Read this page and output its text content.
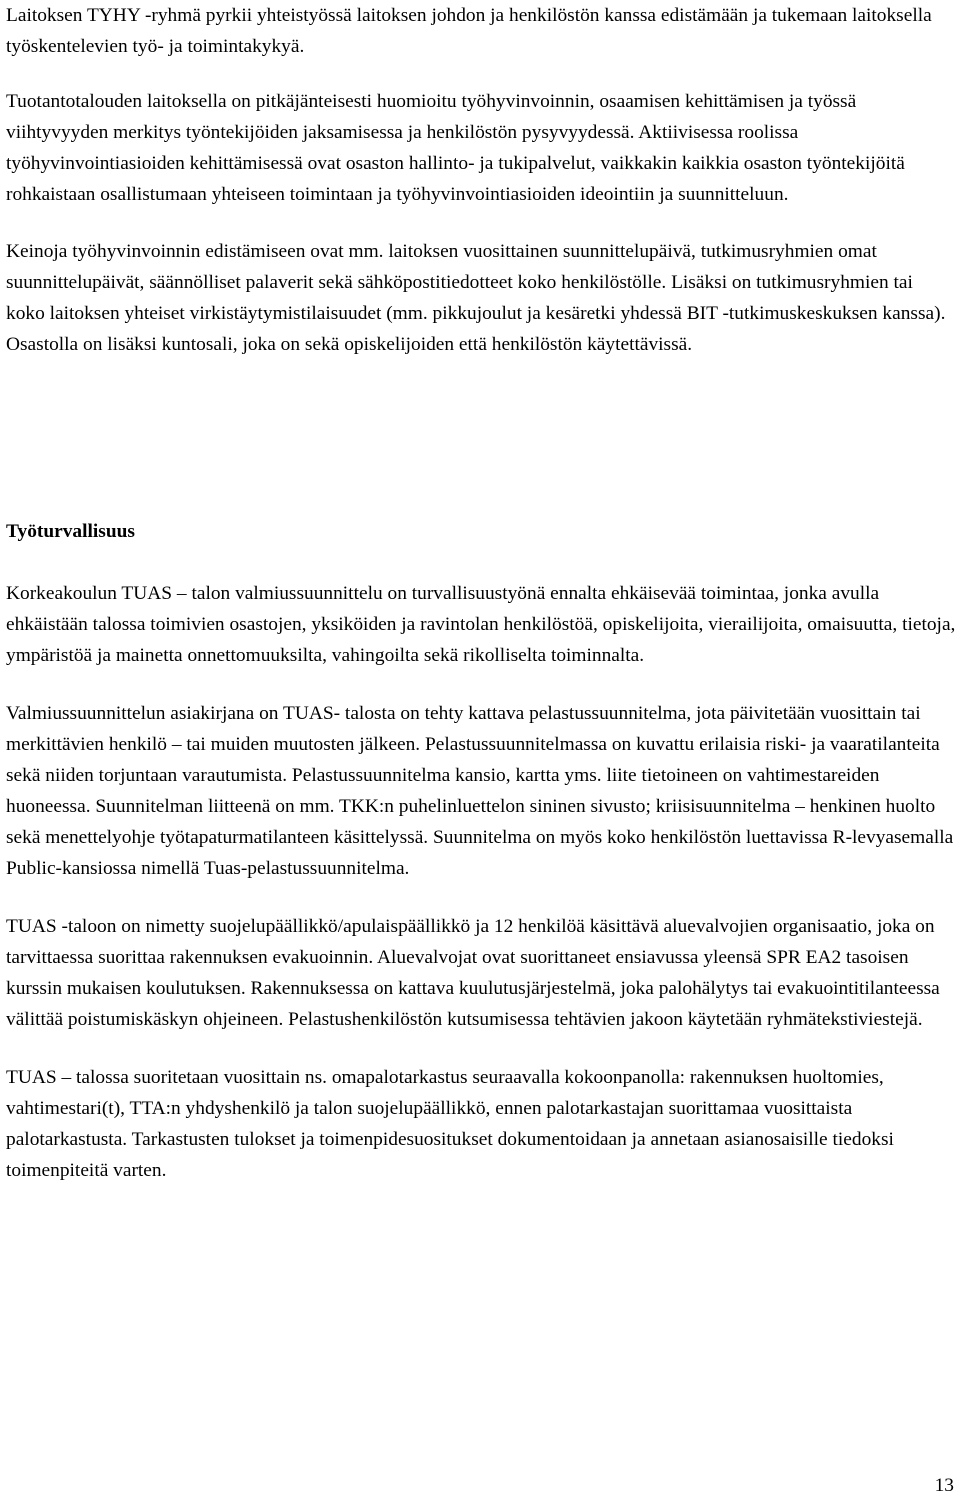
Laitoksen TYHY -ryhmä pyrkii yhteistyössä laitoksen johdon ja henkilöstön kanssa edistämään ja tukemaan laitoksella työskentelevien työ- ja toimintakykyä.

Tuotantotalouden laitoksella on pitkäjänteisesti huomioitu työhyvinvoinnin, osaamisen kehittämisen ja työssä viihtyvyyden merkitys työntekijöiden jaksamisessa ja henkilöstön pysyvyydessä. Aktiivisessa roolissa työhyvinvointiasioiden kehittämisessä ovat osaston hallinto- ja tukipalvelut, vaikkakin kaikkia osaston työntekijöitä rohkaistaan osallistumaan yhteiseen toimintaan ja työhyvinvointiasioiden ideointiin ja suunnitteluun.

Keinoja työhyvinvoinnin edistämiseen ovat mm. laitoksen vuosittainen suunnittelupäivä, tutkimusryhmien omat suunnittelupäivät, säännölliset palaverit sekä sähköpostitiedotteet koko henkilöstölle. Lisäksi on tutkimusryhmien tai koko laitoksen yhteiset virkistäytymistilaisuudet (mm. pikkujoulut ja kesäretki yhdessä BIT -tutkimuskeskuksen kanssa). Osastolla on lisäksi kuntosali, joka on sekä opiskelijoiden että henkilöstön käytettävissä.

Työturvallisuus

Korkeakoulun TUAS – talon valmiussuunnittelu on turvallisuustyönä ennalta ehkäisevää toimintaa, jonka avulla ehkäistään talossa toimivien osastojen, yksiköiden ja ravintolan henkilöstöä, opiskelijoita, vierailijoita, omaisuutta, tietoja, ympäristöä ja mainetta onnettomuuksilta, vahingoilta sekä rikolliselta toiminnalta.

Valmiussuunnittelun asiakirjana on TUAS- talosta on tehty kattava pelastussuunnitelma, jota päivitetään vuosittain tai merkittävien henkilö – tai muiden muutosten jälkeen. Pelastussuunnitelmassa on kuvattu erilaisia riski- ja vaaratilanteita sekä niiden torjuntaan varautumista. Pelastussuunnitelma kansio, kartta yms. liite tietoineen on vahtimestareiden huoneessa. Suunnitelman liitteenä on mm. TKK:n puhelinluettelon sininen sivusto; kriisisuunnitelma – henkinen huolto sekä menettelyohje työtapaturmatilanteen käsittelyssä. Suunnitelma on myös koko henkilöstön luettavissa R-levyasemalla Public-kansiossa nimellä Tuas-pelastussuunnitelma.

TUAS -taloon on nimetty suojelupäällikkö/apulaispäällikkö ja 12 henkilöä käsittävä aluevalvojien organisaatio, joka on tarvittaessa suorittaa rakennuksen evakuoinnin. Aluevalvojat ovat suorittaneet ensiavussa yleensä SPR EA2 tasoisen kurssin mukaisen koulutuksen. Rakennuksessa on kattava kuulutusjärjestelmä, joka palohälytys tai evakuointitilanteessa välittää poistumiskäskyn ohjeineen. Pelastushenkilöstön kutsumisessa tehtävien jakoon käytetään ryhmätekstiviestejä.

TUAS – talossa suoritetaan vuosittain ns. omapalotarkastus seuraavalla kokoonpanolla: rakennuksen huoltomies, vahtimestari(t), TTA:n yhdyshenkilö ja talon suojelupäällikkö, ennen palotarkastajan suorittamaa vuosittaista palotarkastusta. Tarkastusten tulokset ja toimenpidesuositukset dokumentoidaan ja annetaan asianosaisille tiedoksi toimenpiteitä varten.

13
